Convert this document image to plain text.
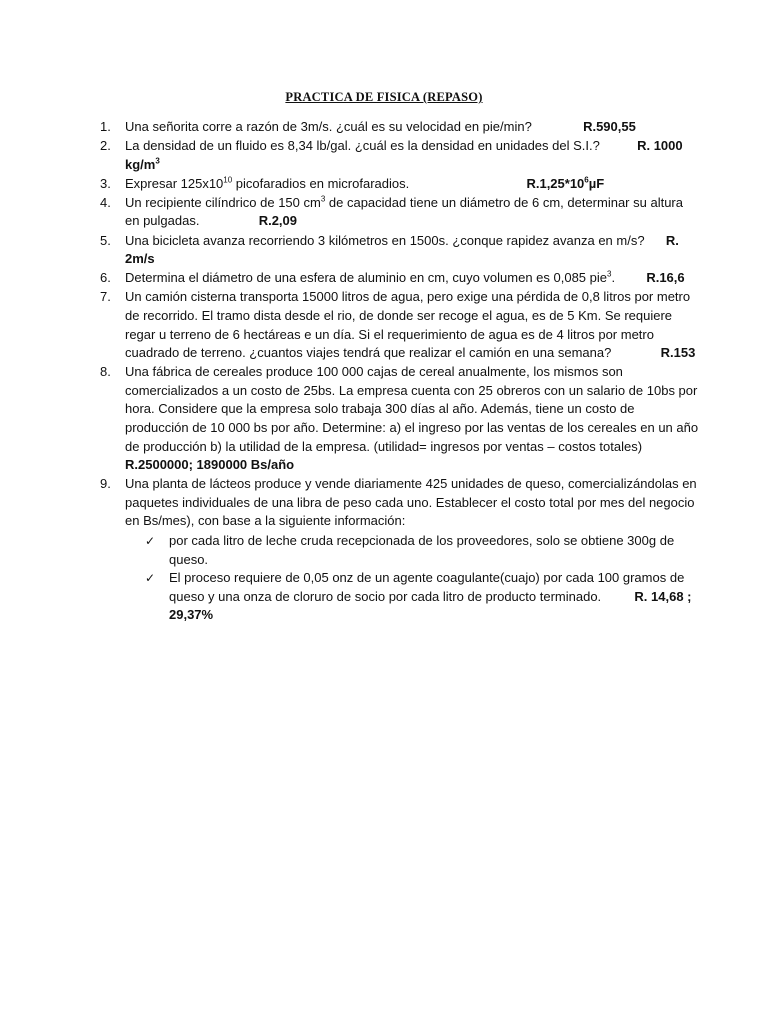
PRACTICA DE FISICA (REPASO)
1.	Una señorita corre a razón de 3m/s. ¿cuál es su velocidad en pie/min?	R.590,55
2.	La densidad de un fluido es 8,34 lb/gal. ¿cuál es la densidad en unidades del S.I.?	R. 1000 $kg/m^3$
3.	Expresar $125x10^{10}$ picofaradios en microfaradios.	$R.1,25*10^6\mu F$
4.	Un recipiente cilíndrico de 150 $cm^3$ de capacidad tiene un diámetro de 6 cm, determinar su altura en pulgadas.	R.2,09
5.	Una bicicleta avanza recorriendo 3 kilómetros en 1500s. ¿conque rapidez avanza en m/s? R. 2m/s
6.	Determina el diámetro de una esfera de aluminio en cm, cuyo volumen es 0,085 pie$^3$. R.16,6
7.	Un camión cisterna transporta 15000 litros de agua, pero exige una pérdida de 0,8 litros por metro de recorrido. El tramo dista desde el rio, de donde ser recoge el agua, es de 5 Km. Se requiere regar u terreno de 6 hectáreas e un día. Si el requerimiento de agua es de 4 litros por metro cuadrado de terreno. ¿cuantos viajes tendrá que realizar el camión en una semana?	R.153
8.	Una fábrica de cereales produce 100 000 cajas de cereal anualmente, los mismos son comercializados a un costo de 25bs. La empresa cuenta con 25 obreros con un salario de 10bs por hora. Considere que la empresa solo trabaja 300 días al año. Además, tiene un costo de producción de 10 000 bs por año. Determine: a) el ingreso por las ventas de los cereales en un año de producción b) la utilidad de la empresa. (utilidad= ingresos por ventas – costos totales) R.2500000; 1890000 Bs/año
9.	Una planta de lácteos produce y vende diariamente 425 unidades de queso, comercializándolas en paquetes individuales de una libra de peso cada uno. Establecer el costo total por mes del negocio en Bs/mes), con base a la siguiente información:
✓	por cada litro de leche cruda recepcionada de los proveedores, solo se obtiene 300g de queso.
✓	El proceso requiere de 0,05 onz de un agente coagulante(cuajo) por cada 100 gramos de queso y una onza de cloruro de socio por cada litro de producto terminado.	R. 14,68 ; 29,37%
